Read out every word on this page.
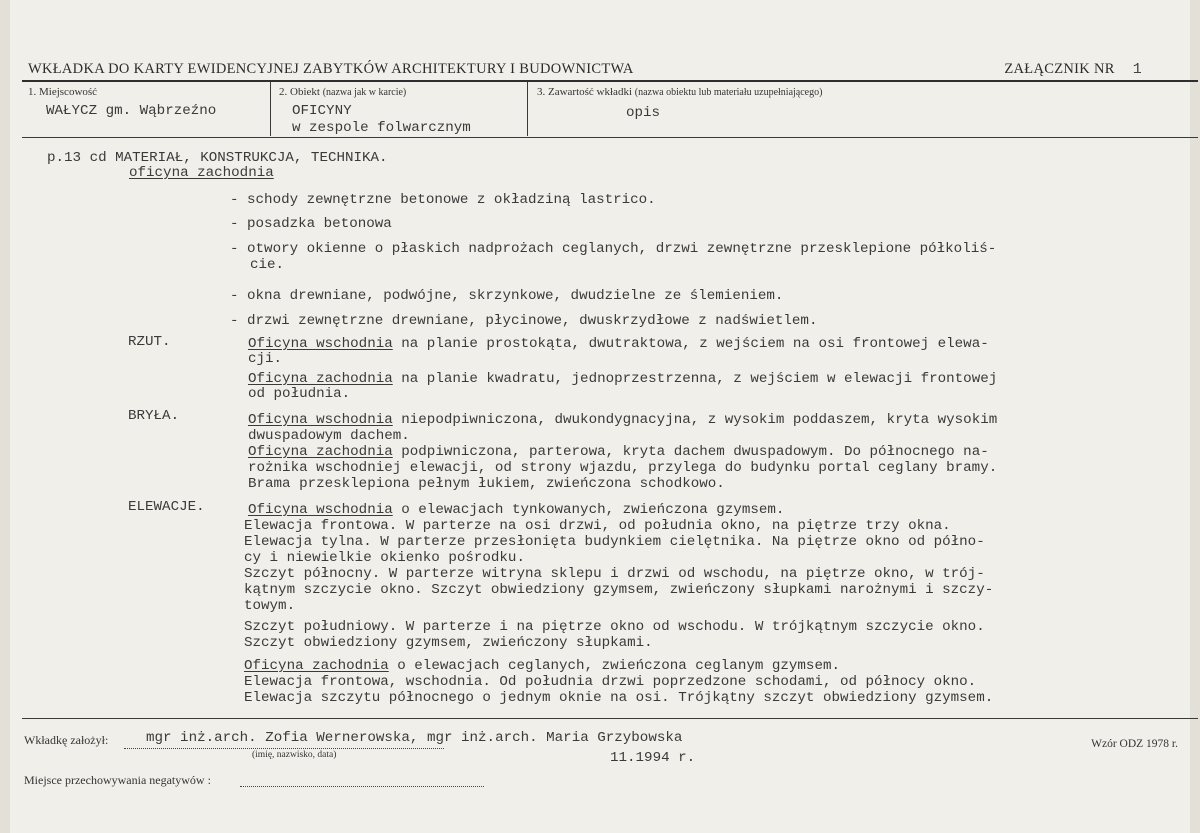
WKŁADKA DO KARTY EWIDENCYJNEJ ZABYTKÓW ARCHITEKTURY I BUDOWNICTWA	ZAŁĄCZNIK NR 1
1. Miejscowość
WAŁYCZ gm. Wąbrzeźno
2. Obiekt (nazwa jak w karcie)
OFICYNY
w zespole folwarcznym
3. Zawartość wkładki (nazwa obiektu lub materiału uzupełniającego)
opis
p.13 cd MATERIAŁ, KONSTRUKCJA, TECHNIKA.
oficyna zachodnia
- schody zewnętrzne betonowe z okładziną lastrico.
- posadzka betonowa
- otwory okienne o płaskich nadprożach ceglanych, drzwi zewnętrzne przesklepione półkoliś-
cie.
- okna drewniane, podwójne, skrzynkowe, dwudzielne ze ślemieniem.
- drzwi zewnętrzne drewniane, płycinowe, dwuskrzydłowe z nadświetlem.
RZUT.	Oficyna wschodnia na planie prostokąta, dwutraktowa, z wejściem na osi frontowej elewa-
cji.
Oficyna zachodnia na planie kwadratu, jednoprzestrzenna, z wejściem w elewacji frontowej
od południa.
BRYŁA.	Oficyna wschodnia niepodpiwniczona, dwukondygnacyjna, z wysokim poddaszem, kryta wysokim
dwuspadowym dachem.
Oficyna zachodnia podpiwniczona, parterowa, kryta dachem dwuspadowym. Do północnego na-
rożnika wschodniej elewacji, od strony wjazdu, przylega do budynku portal ceglany bramy.
Brama przesklepiona pełnym łukiem, zwieńczona schodkowo.
ELEWACJE.	Oficyna wschodnia o elewacjach tynkowanych, zwieńczona gzymsem.
Elewacja frontowa. W parterze na osi drzwi, od południa okno, na piętrze trzy okna.
Elewacja tylna. W parterze przesłonięta budynkiem cielętnika. Na piętrze okno od półno-
cy i niewielkie okienko pośrodku.
Szczyt północny. W parterze witryna sklepu i drzwi od wschodu, na piętrze okno, w trój-
kątnym szczycie okno. Szczyt obwiedziony gzymsem, zwieńczony słupkami narożnymi i szczy-
towym.
Szczyt południowy. W parterze i na piętrze okno od wschodu. W trójkątnym szczycie okno.
Szczyt obwiedziony gzymsem, zwieńczony słupkami.
Oficyna zachodnia o elewacjach ceglanych, zwieńczona ceglanym gzymsem.
Elewacja frontowa, wschodnia. Od południa drzwi poprzedzone schodami, od północy okno.
Elewacja szczytu północnego o jednym oknie na osi. Trójkątny szczyt obwiedziony gzymsem.
Wkładkę założył:	mgr inż.arch. Zofia Wernerowska, mgr inż.arch. Maria Grzybowska
(imię, nazwisko, data)	11.1994 r.
Wzór ODZ 1978 r.
Miejsce przechowywania negatywów :
